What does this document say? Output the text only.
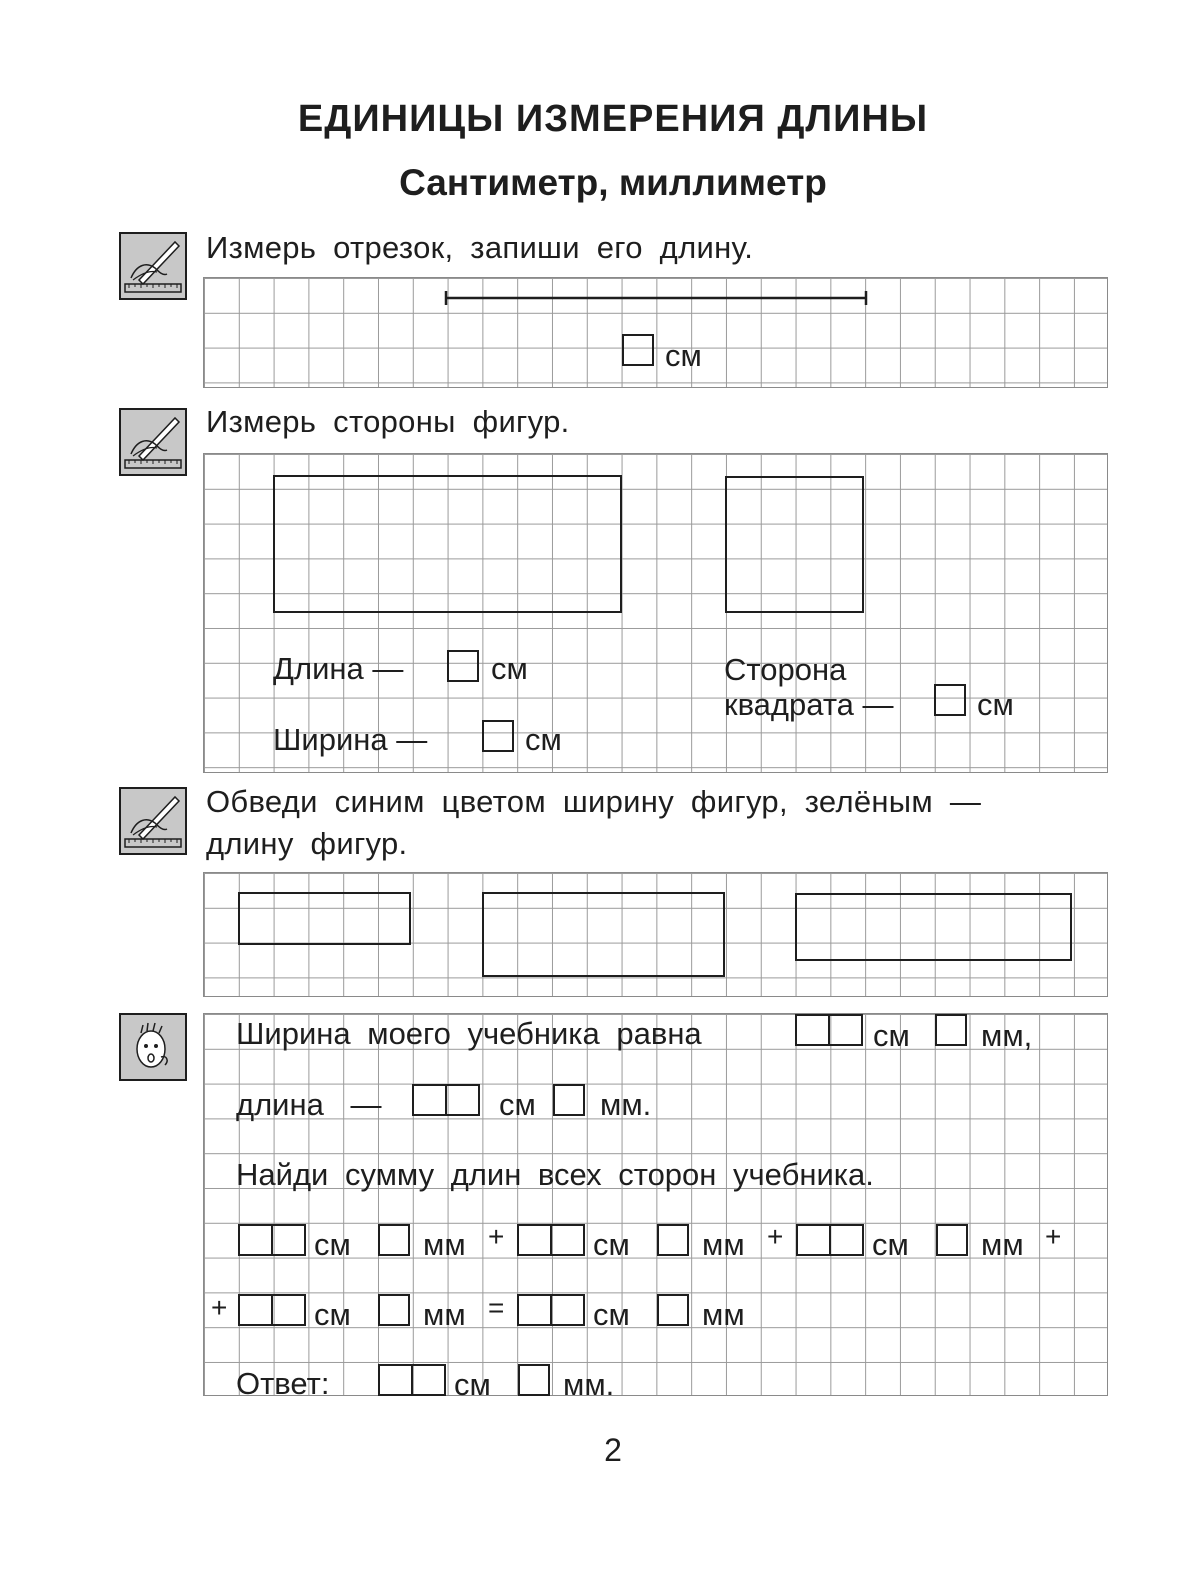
ЕДИНИЦЫ ИЗМЕРЕНИЯ ДЛИНЫ
Сантиметр, миллиметр
Измерь отрезок, запиши его длину.
см
Измерь стороны фигур.
Длина —	см
Ширина —	см
Сторона
квадрата —	см
Обведи синим цветом ширину фигур, зелёным —
длину фигур.
Ширина моего учебника равна	см мм,
длина —	см мм.
Найди сумму длин всех сторон учебника.
см мм +	см мм +	см мм +
+	см мм =	см мм
Ответ:	см мм.
2
